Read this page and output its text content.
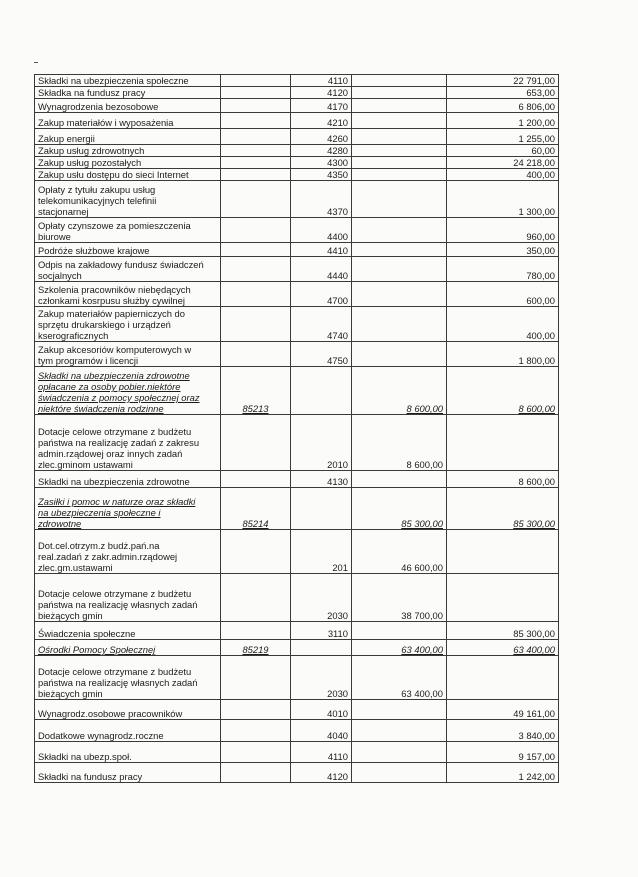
Składki na ubezpieczenia społeczne		4110		22 791,00
Składka na fundusz pracy		4120		653,00
Wynagrodzenia bezosobowe		4170		6 806,00
Zakup materiałów i wyposażenia		4210		1 200,00
Zakup energii		4260		1 255,00
Zakup usług zdrowotnych		4280		60,00
Zakup usług pozostałych		4300		24 218,00
Zakup usłu dostępu do sieci Internet		4350		400,00
Opłaty z tytułu zakupu usług
telekomunikacyjnych telefinii
stacjonarnej		4370		1 300,00
Opłaty czynszowe za pomieszczenia
biurowe		4400		960,00
Podróże służbowe krajowe		4410		350,00
Odpis na zakładowy fundusz świadczeń
socjalnych		4440		780,00
Szkolenia pracowników niebędących
członkami kosrpusu służby cywilnej		4700		600,00
Zakup materiałów papierniczych do
sprzętu drukarskiego i urządzeń
kserograficznych		4740		400,00
Zakup akcesoriów komputerowych w
tym programów i licencji		4750		1 800,00
Składki na ubezpieczenia zdrowotne
opłacane za osoby pobier.niektóre
świadczenia z pomocy społecznej oraz
niektóre świadczenia rodzinne	85213		8 600,00	8 600,00
Dotacje celowe otrzymane z budżetu
państwa na realizację zadań z zakresu
admin.rządowej oraz innych zadań
zlec.gminom ustawami		2010	8 600,00	
Składki na ubezpieczenia zdrowotne		4130		8 600,00
Zasiłki i pomoc w naturze oraz składki
na ubezpieczenia społeczne i
zdrowotne	85214		85 300,00	85 300,00
Dot.cel.otrzym.z budż.pań.na
real.zadań z zakr.admin.rządowej
zlec.gm.ustawami		201	46 600,00	
Dotacje celowe otrzymane z budżetu
państwa na realizację własnych zadań
bieżących gmin		2030	38 700,00	
Świadczenia społeczne		3110		85 300,00
Ośrodki Pomocy Społecznej	85219		63 400,00	63 400,00
Dotacje celowe otrzymane z budżetu
państwa na realizację własnych zadań
bieżących gmin		2030	63 400,00	
Wynagrodz.osobowe pracowników		4010		49 161,00
Dodatkowe wynagrodz.roczne		4040		3 840,00
Składki na ubezp.społ.		4110		9 157,00
Składki na fundusz pracy		4120		1 242,00
